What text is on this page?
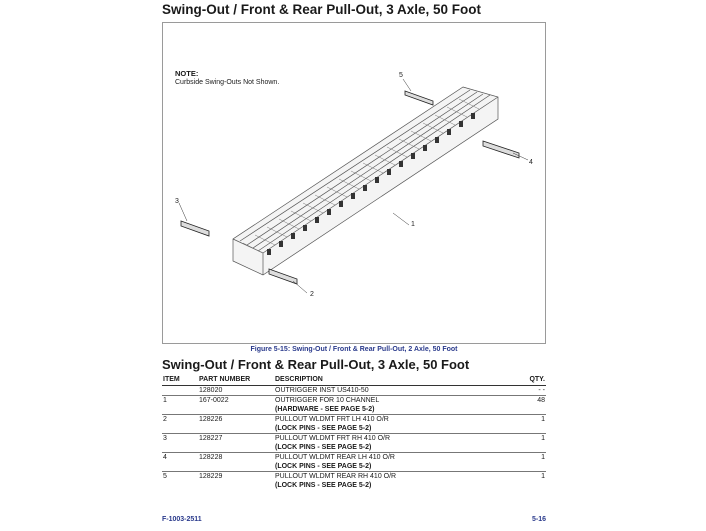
Swing-Out / Front & Rear Pull-Out, 3 Axle, 50 Foot
1
2
3
4
5
NOTE:
Curbside Swing-Outs Not Shown.
Figure 5-15: Swing-Out / Front & Rear Pull-Out, 2 Axle, 50 Foot
Swing-Out / Front & Rear Pull-Out, 3 Axle, 50 Foot
ITEM	PART NUMBER	DESCRIPTION	QTY.
	128020	OUTRIGGER INST US410-50	- -
1	167-0022	OUTRIGGER FOR 10 CHANNEL	48
		(HARDWARE - SEE PAGE 5-2)	
2	128226	PULLOUT WLDMT FRT LH 410 O/R	1
		(LOCK PINS - SEE PAGE 5-2)	
3	128227	PULLOUT WLDMT FRT RH 410 O/R	1
		(LOCK PINS - SEE PAGE 5-2)	
4	128228	PULLOUT WLDMT REAR LH 410 O/R	1
		(LOCK PINS - SEE PAGE 5-2)	
5	128229	PULLOUT WLDMT REAR RH 410 O/R	1
		(LOCK PINS - SEE PAGE 5-2)	
F-1003-2511	5-16
